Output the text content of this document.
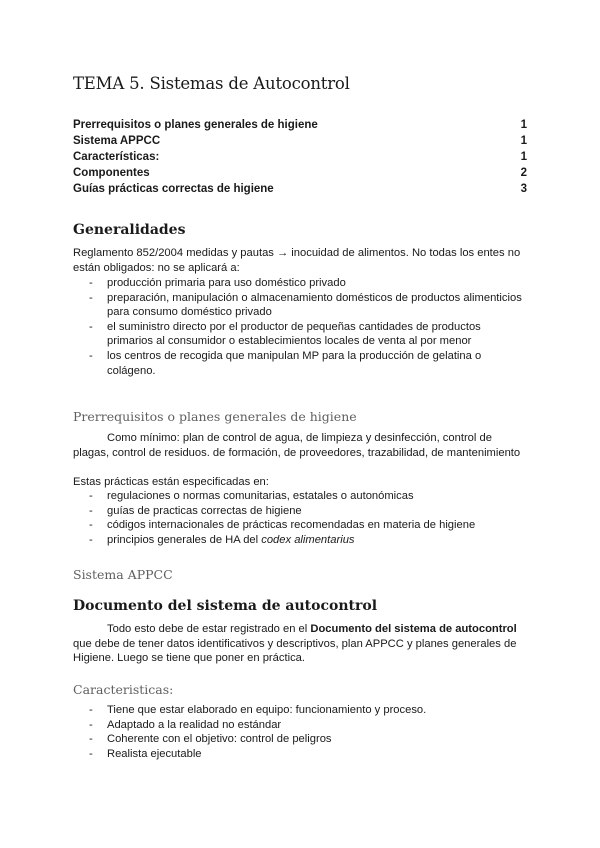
TEMA 5. Sistemas de Autocontrol
Prerrequisitos o planes generales de higiene	1
Sistema APPCC	1
Características:	1
Componentes	2
Guías prácticas correctas de higiene	3
Generalidades

Reglamento 852/2004 medidas y pautas → inocuidad de alimentos. No todas los entes no están obligados: no se aplicará a:

- producción primaria para uso doméstico privado
- preparación, manipulación o almacenamiento domésticos de productos alimenticios para consumo doméstico privado
- el suministro directo por el productor de pequeñas cantidades de productos primarios al consumidor o establecimientos locales de venta al por menor
- los centros de recogida que manipulan MP para la producción de gelatina o colágeno.
Prerrequisitos o planes generales de higiene

Como mínimo: plan de control de agua, de limpieza y desinfección, control de plagas, control de residuos. de formación, de proveedores, trazabilidad, de mantenimiento

Estas prácticas están especificadas en:

- regulaciones o normas comunitarias, estatales o autonómicas
- guías de practicas correctas de higiene
- códigos internacionales de prácticas recomendadas en materia de higiene
- principios generales de HA del codex alimentarius
Sistema APPCC
Documento del sistema de autocontrol

Todo esto debe de estar registrado en el Documento del sistema de autocontrol que debe de tener datos identificativos y descriptivos, plan APPCC y planes generales de Higiene. Luego se tiene que poner en práctica.

Caracteristicas:
- Tiene que estar elaborado en equipo: funcionamiento y proceso.
- Adaptado a la realidad no estándar
- Coherente con el objetivo: control de peligros
- Realista ejecutable
